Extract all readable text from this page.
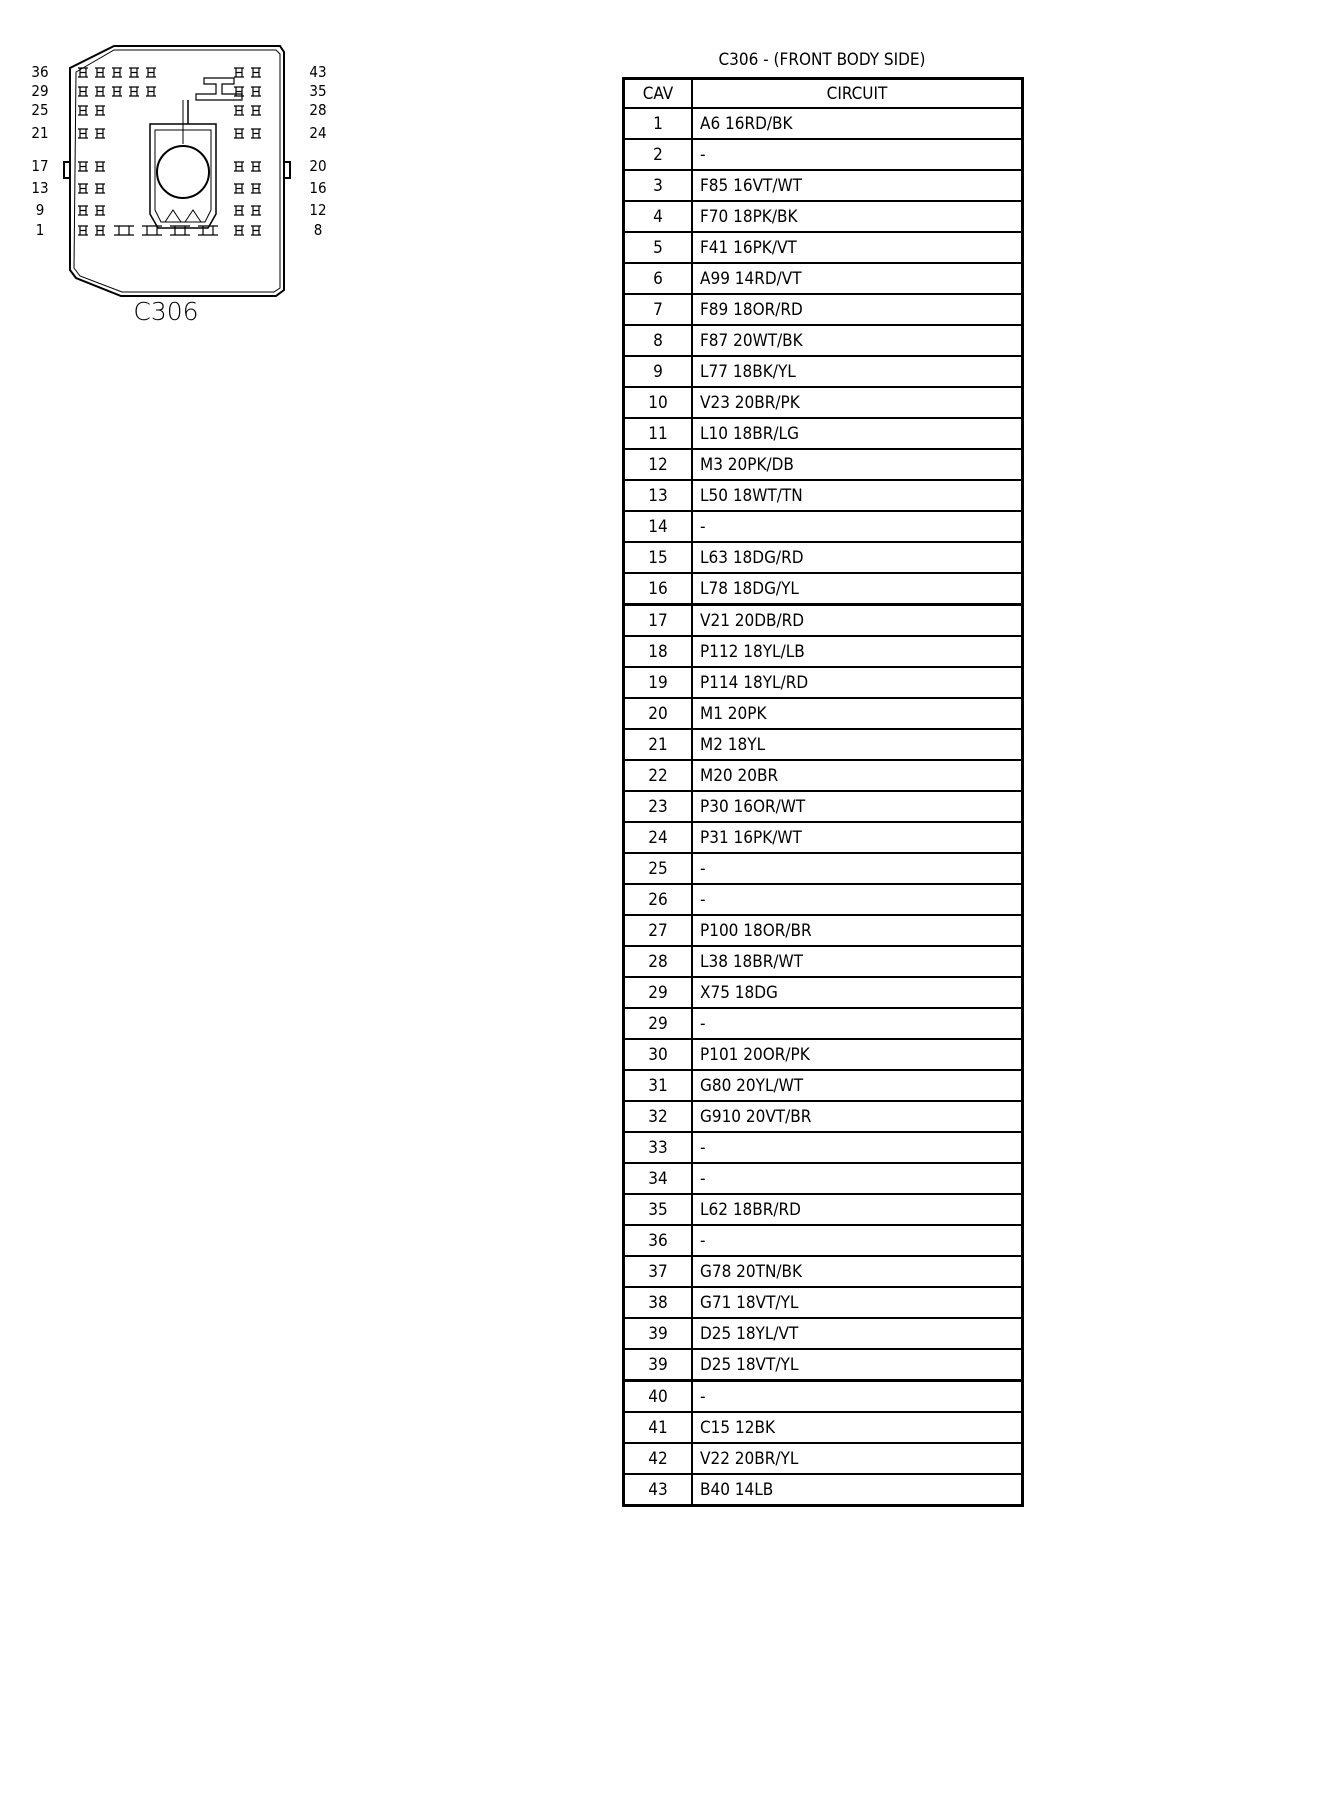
36
29
25
21
17
13
9
1
43
35
28
24
20
16
12
8
C306
C306 - (FRONT BODY SIDE)
CAV	CIRCUIT
1	A6 16RD/BK
2	-
3	F85 16VT/WT
4	F70 18PK/BK
5	F41 16PK/VT
6	A99 14RD/VT
7	F89 18OR/RD
8	F87 20WT/BK
9	L77 18BK/YL
10	V23 20BR/PK
11	L10 18BR/LG
12	M3 20PK/DB
13	L50 18WT/TN
14	-
15	L63 18DG/RD
16	L78 18DG/YL
17	V21 20DB/RD
18	P112 18YL/LB
19	P114 18YL/RD
20	M1 20PK
21	M2 18YL
22	M20 20BR
23	P30 16OR/WT
24	P31 16PK/WT
25	-
26	-
27	P100 18OR/BR
28	L38 18BR/WT
29	X75 18DG
29	-
30	P101 20OR/PK
31	G80 20YL/WT
32	G910 20VT/BR
33	-
34	-
35	L62 18BR/RD
36	-
37	G78 20TN/BK
38	G71 18VT/YL
39	D25 18YL/VT
39	D25 18VT/YL
40	-
41	C15 12BK
42	V22 20BR/YL
43	B40 14LB
